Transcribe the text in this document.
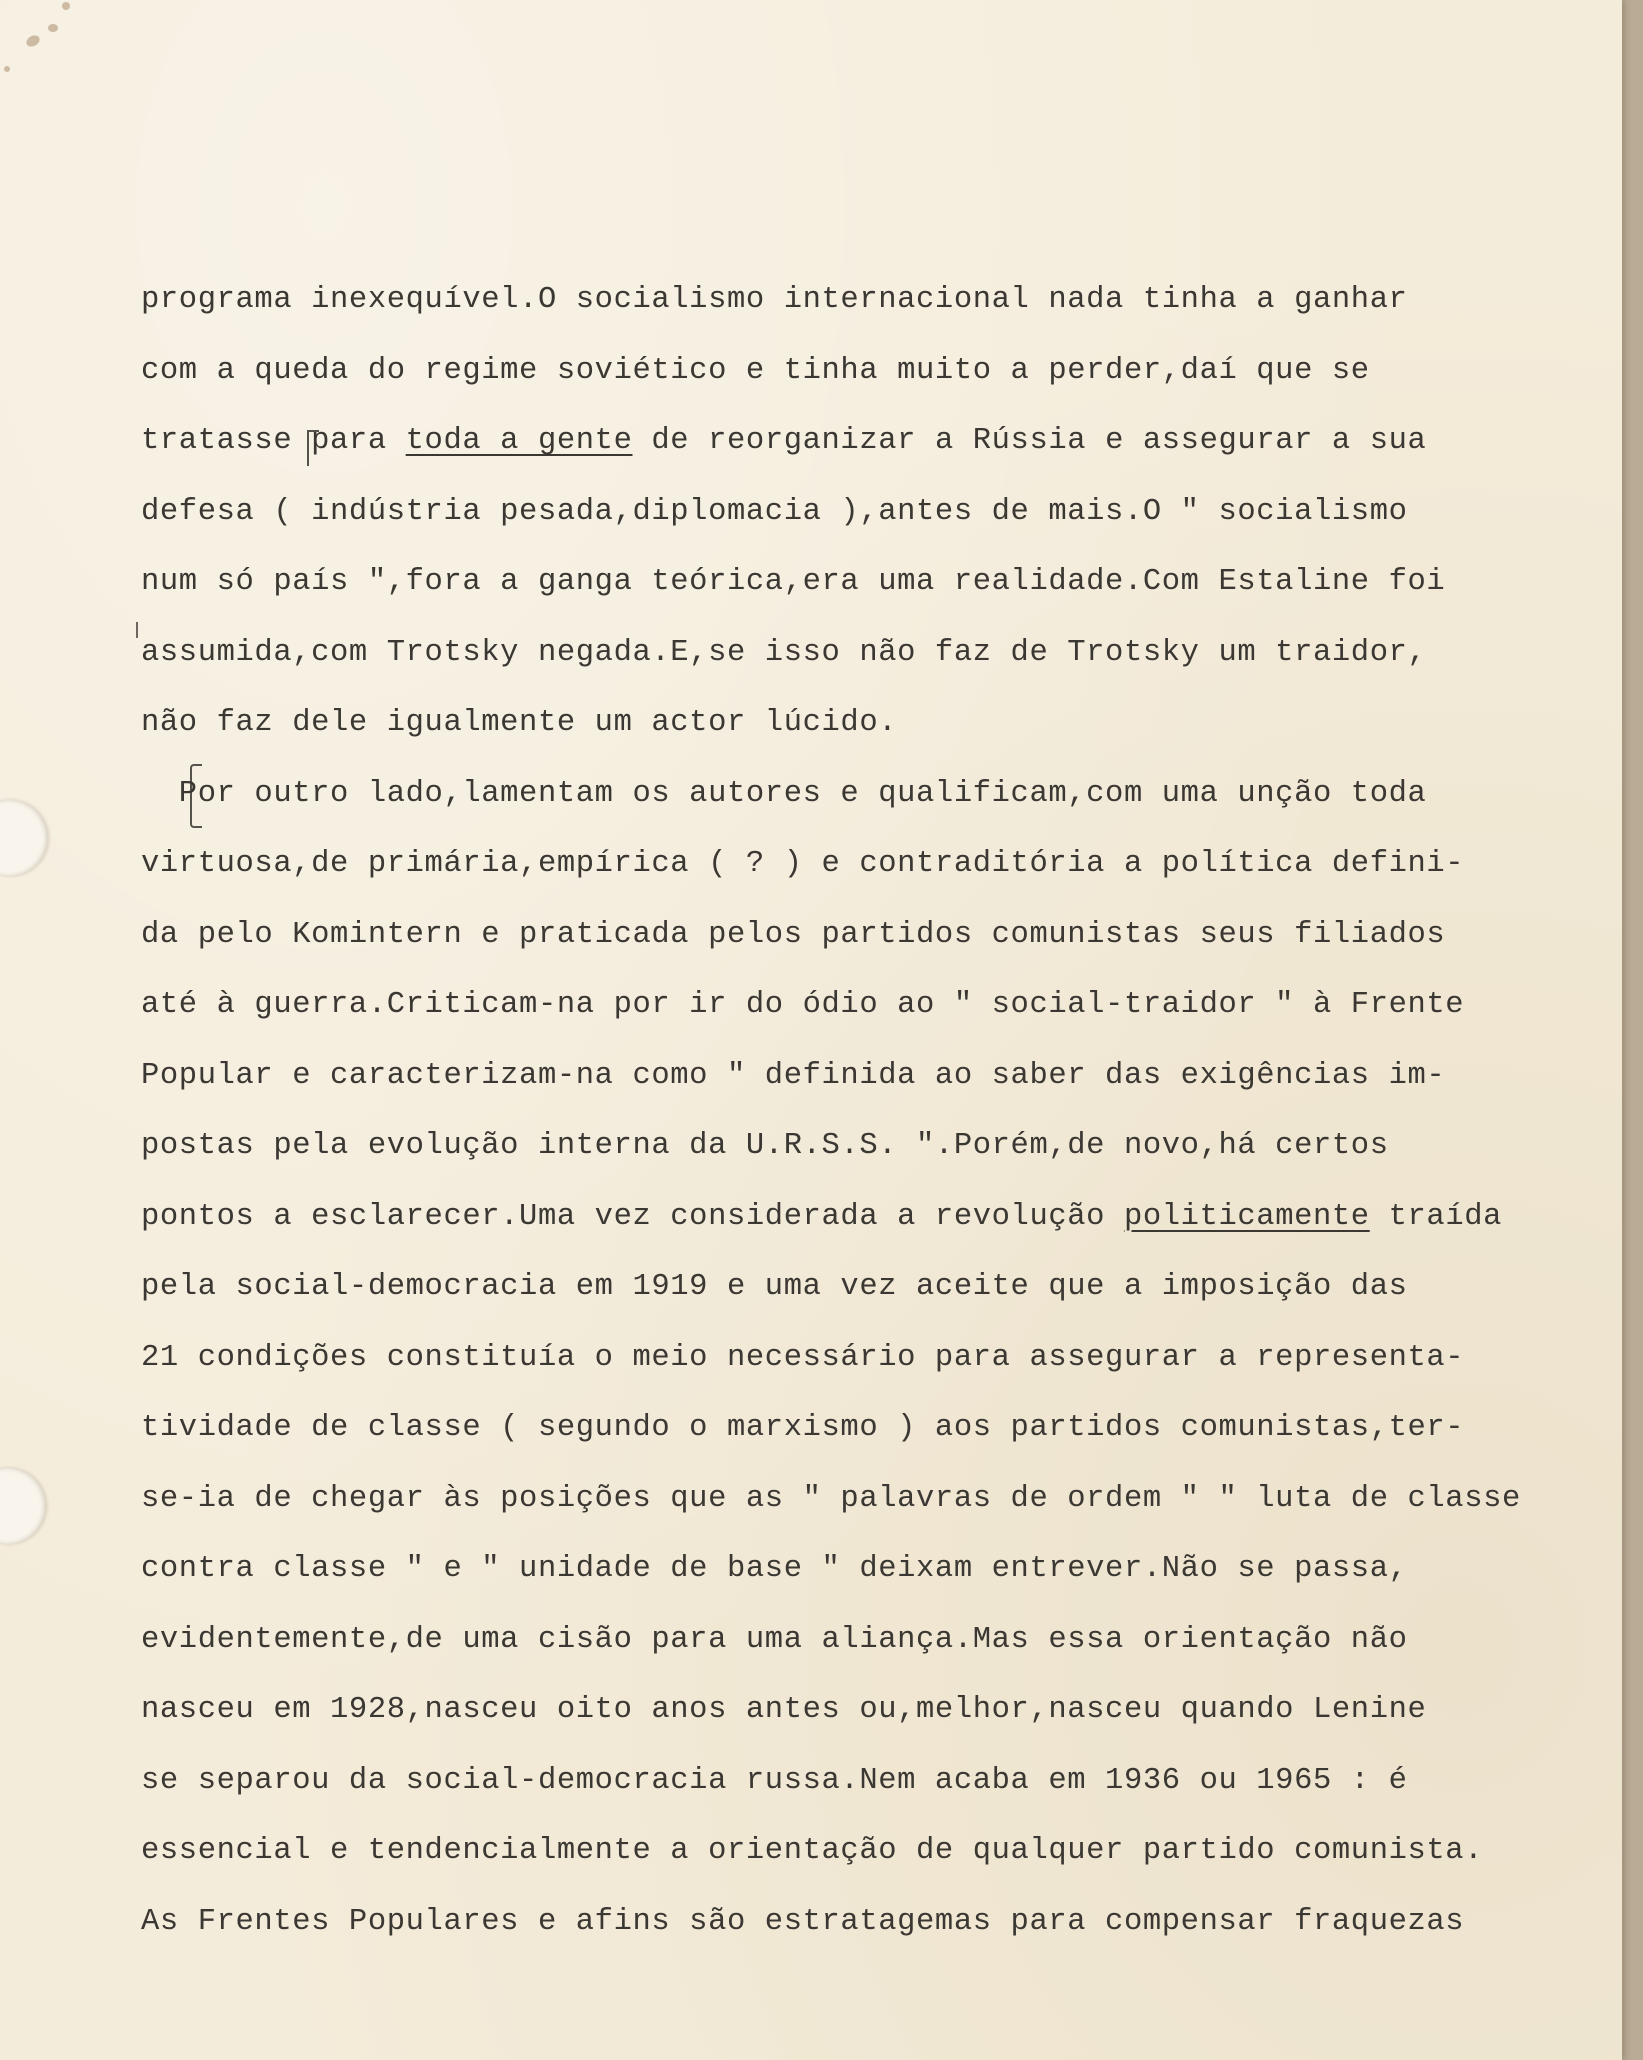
programa inexequível.O socialismo internacional nada tinha a ganhar
com a queda do regime soviético e tinha muito a perder,daí que se
tratasse para toda a gente de reorganizar a Rússia e assegurar a sua
defesa ( indústria pesada,diplomacia ),antes de mais.O " socialismo
num só país ",fora a ganga teórica,era uma realidade.Com Estaline foi
assumida,com Trotsky negada.E,se isso não faz de Trotsky um traidor,
não faz dele igualmente um actor lúcido.
Por outro lado,lamentam os autores e qualificam,com uma unção toda
virtuosa,de primária,empírica ( ? ) e contraditória a política defini-
da pelo Komintern e praticada pelos partidos comunistas seus filiados
até à guerra.Criticam-na por ir do ódio ao " social-traidor " à Frente
Popular e caracterizam-na como " definida ao saber das exigências im-
postas pela evolução interna da U.R.S.S. ".Porém,de novo,há certos
pontos a esclarecer.Uma vez considerada a revolução politicamente traída
pela social-democracia em 1919 e uma vez aceite que a imposição das
21 condições constituía o meio necessário para assegurar a representa-
tividade de classe ( segundo o marxismo ) aos partidos comunistas,ter-
se-ia de chegar às posições que as " palavras de ordem " " luta de classe
contra classe " e " unidade de base " deixam entrever.Não se passa,
evidentemente,de uma cisão para uma aliança.Mas essa orientação não
nasceu em 1928,nasceu oito anos antes ou,melhor,nasceu quando Lenine
se separou da social-democracia russa.Nem acaba em 1936 ou 1965 : é
essencial e tendencialmente a orientação de qualquer partido comunista.
As Frentes Populares e afins são estratagemas para compensar fraquezas
